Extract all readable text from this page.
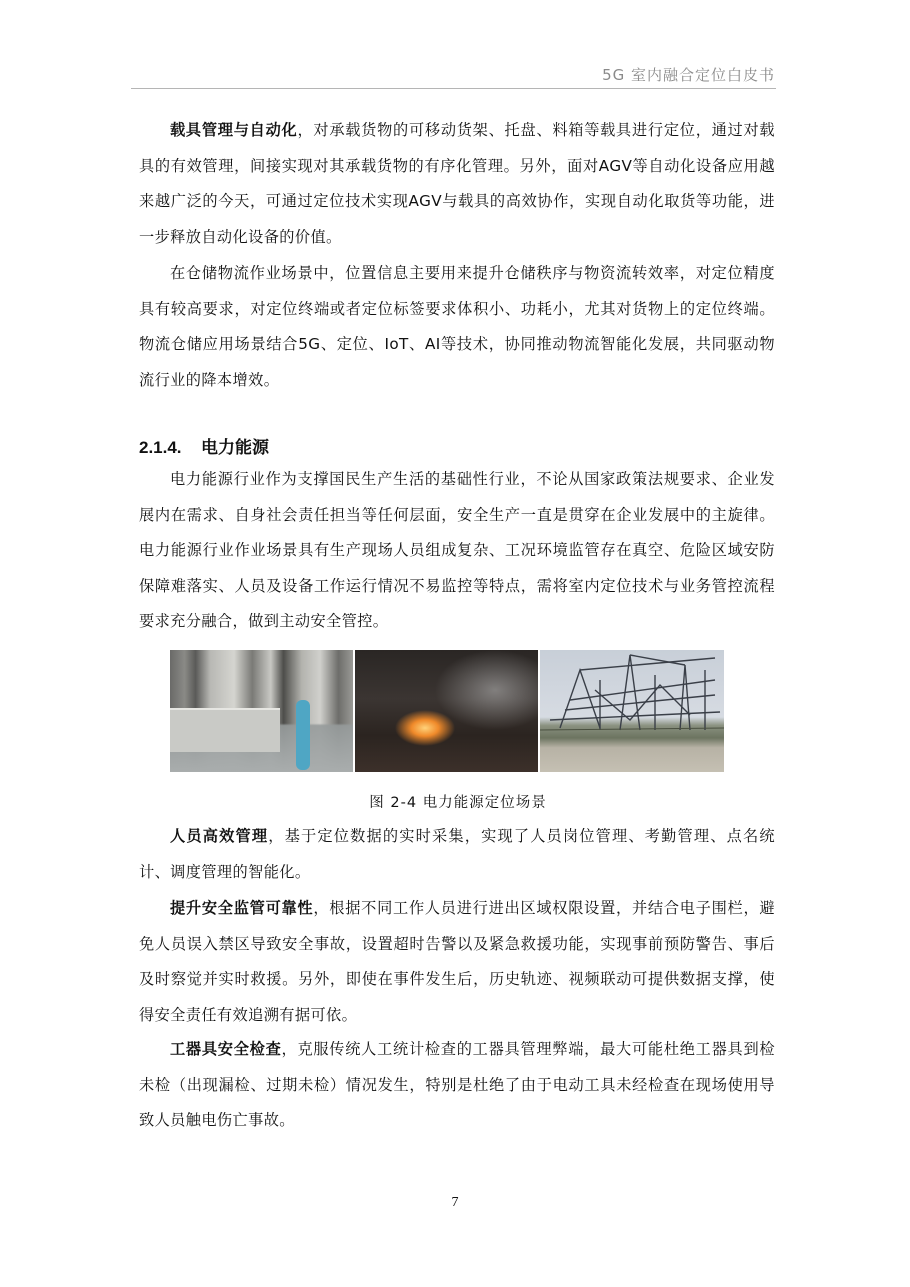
5G 室内融合定位白皮书

载具管理与自动化，对承载货物的可移动货架、托盘、料箱等载具进行定位，通过对载具的有效管理，间接实现对其承载货物的有序化管理。另外，面对AGV等自动化设备应用越来越广泛的今天，可通过定位技术实现AGV与载具的高效协作，实现自动化取货等功能，进一步释放自动化设备的价值。

在仓储物流作业场景中，位置信息主要用来提升仓储秩序与物资流转效率，对定位精度具有较高要求，对定位终端或者定位标签要求体积小、功耗小，尤其对货物上的定位终端。物流仓储应用场景结合5G、定位、IoT、AI等技术，协同推动物流智能化发展，共同驱动物流行业的降本增效。

2.1.4. 电力能源

电力能源行业作为支撑国民生产生活的基础性行业，不论从国家政策法规要求、企业发展内在需求、自身社会责任担当等任何层面，安全生产一直是贯穿在企业发展中的主旋律。电力能源行业作业场景具有生产现场人员组成复杂、工况环境监管存在真空、危险区域安防保障难落实、人员及设备工作运行情况不易监控等特点，需将室内定位技术与业务管控流程要求充分融合，做到主动安全管控。

图 2-4 电力能源定位场景

人员高效管理，基于定位数据的实时采集，实现了人员岗位管理、考勤管理、点名统计、调度管理的智能化。

提升安全监管可靠性，根据不同工作人员进行进出区域权限设置，并结合电子围栏，避免人员误入禁区导致安全事故，设置超时告警以及紧急救援功能，实现事前预防警告、事后及时察觉并实时救援。另外，即使在事件发生后，历史轨迹、视频联动可提供数据支撑，使得安全责任有效追溯有据可依。

工器具安全检查，克服传统人工统计检查的工器具管理弊端，最大可能杜绝工器具到检未检（出现漏检、过期未检）情况发生，特别是杜绝了由于电动工具未经检查在现场使用导致人员触电伤亡事故。

7
